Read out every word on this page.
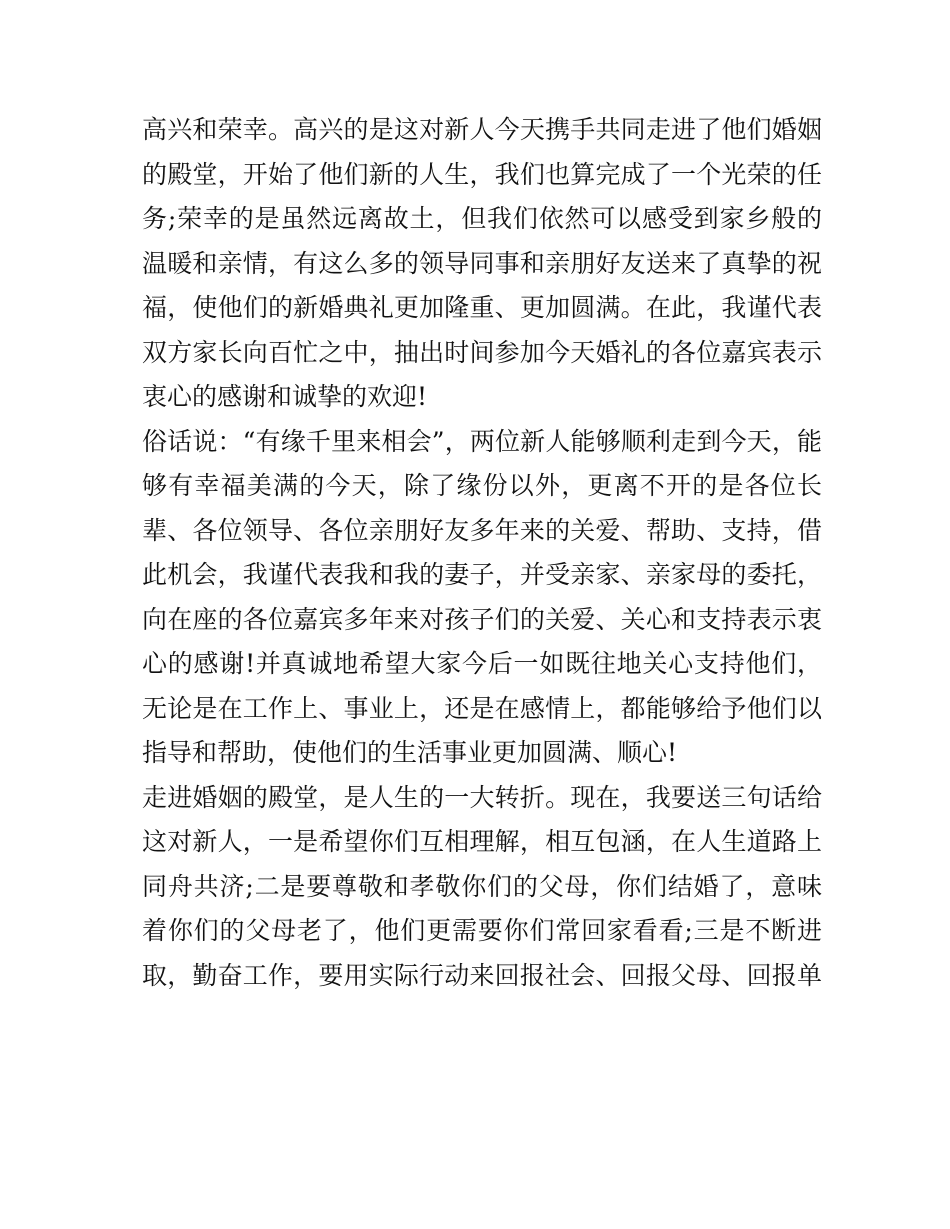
高兴和荣幸。高兴的是这对新人今天携手共同走进了他们婚姻
的殿堂，开始了他们新的人生，我们也算完成了一个光荣的任
务;荣幸的是虽然远离故土，但我们依然可以感受到家乡般的
温暖和亲情，有这么多的领导同事和亲朋好友送来了真挚的祝
福，使他们的新婚典礼更加隆重、更加圆满。在此，我谨代表
双方家长向百忙之中，抽出时间参加今天婚礼的各位嘉宾表示
衷心的感谢和诚挚的欢迎!
俗话说：“有缘千里来相会”，两位新人能够顺利走到今天，能
够有幸福美满的今天，除了缘份以外，更离不开的是各位长
辈、各位领导、各位亲朋好友多年来的关爱、帮助、支持，借
此机会，我谨代表我和我的妻子，并受亲家、亲家母的委托，
向在座的各位嘉宾多年来对孩子们的关爱、关心和支持表示衷
心的感谢!并真诚地希望大家今后一如既往地关心支持他们，
无论是在工作上、事业上，还是在感情上，都能够给予他们以
指导和帮助，使他们的生活事业更加圆满、顺心!
走进婚姻的殿堂，是人生的一大转折。现在，我要送三句话给
这对新人，一是希望你们互相理解，相互包涵，在人生道路上
同舟共济;二是要尊敬和孝敬你们的父母，你们结婚了，意味
着你们的父母老了，他们更需要你们常回家看看;三是不断进
取，勤奋工作，要用实际行动来回报社会、回报父母、回报单
